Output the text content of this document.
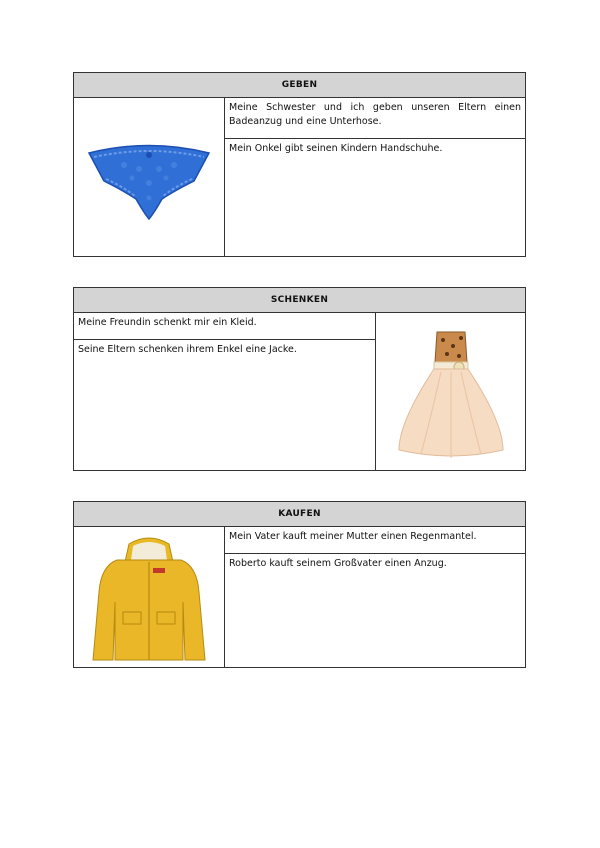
GEBEN
Meine Schwester und ich geben unseren Eltern einen Badeanzug und eine Unterhose.
Mein Onkel gibt seinen Kindern Handschuhe.
SCHENKEN
Meine Freundin schenkt mir ein Kleid.
Seine Eltern schenken ihrem Enkel eine Jacke.
KAUFEN
Mein Vater kauft meiner Mutter einen Regenmantel.
Roberto kauft seinem Großvater einen Anzug.
